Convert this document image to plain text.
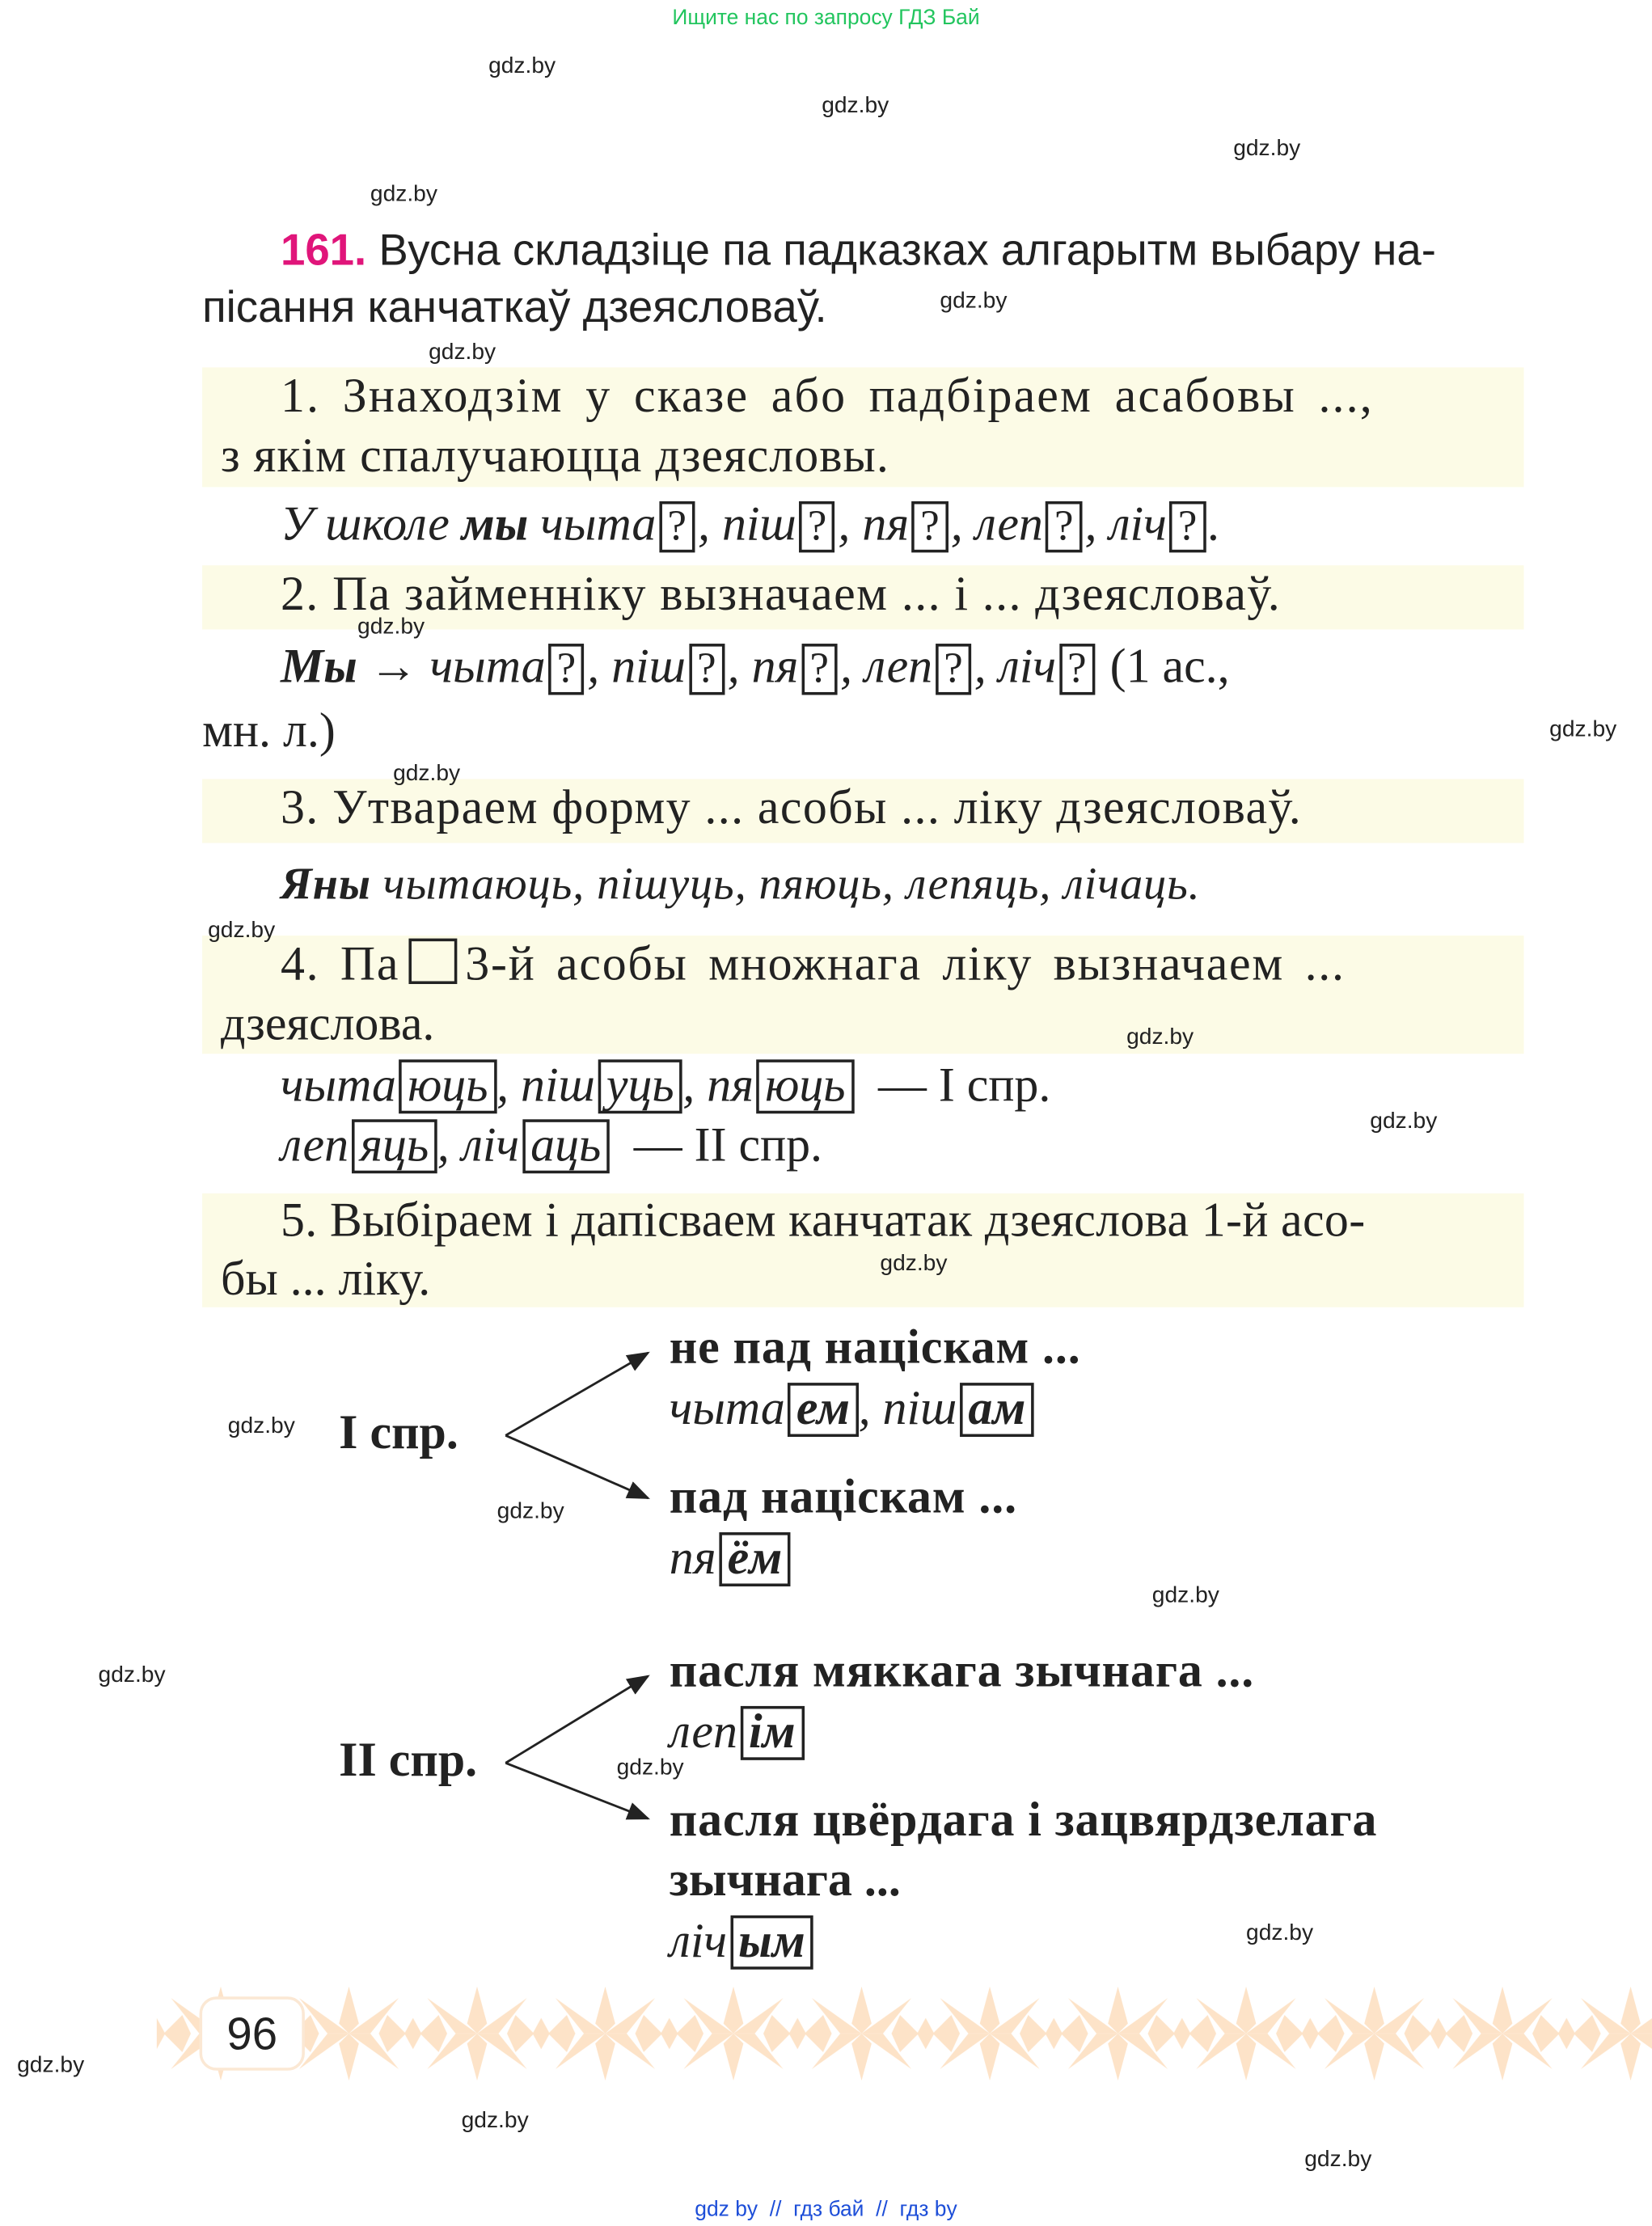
Ищите нас по запросу ГДЗ Бай
gdz.by
gdz.by
gdz.by
gdz.by
gdz.by
gdz.by
gdz.by
gdz.by
gdz.by
gdz.by
gdz.by
gdz.by
gdz.by
gdz.by
gdz.by
gdz.by
gdz.by
gdz.by
gdz.by
gdz.by
gdz.by
gdz.by
161. Вусна складзіце па падказках алгарытм выбару на-
пісання канчаткаў дзеясловаў.
1. Знаходзім у сказе або падбіраем асабовы ...,
з якім спалучаюцца дзеясловы.
У школе мы чыта ? , піш ? , пя ? , леп ? , ліч ? .
2. Па займенніку вызначаем ... і ... дзеясловаў.
Мы → чыта ? , піш ? , пя ? , леп ? , ліч ? (1 ас.,
мн. л.)
3. Утвараем форму ... асобы ... ліку дзеясловаў.
Яны чытаюць, пішуць, пяюць, лепяць, лічаць.
4. Па 3-й асобы множнага ліку вызначаем ...
дзеяслова.
чыта юць , піш уць , пя юць — I спр.
леп яць , ліч аць — II спр.
5. Выбіраем і дапісваем канчатак дзеяслова 1-й асо-
бы ... ліку.
I спр.
не пад націскам ...
чыта ем , піш ам
пад націскам ...
пя ём
II спр.
пасля мяккага зычнага ...
леп ім
пасля цвёрдага і зацвярдзелага
зычнага ...
ліч ым
96
gdz by  //  гдз бай  //  гдз by
